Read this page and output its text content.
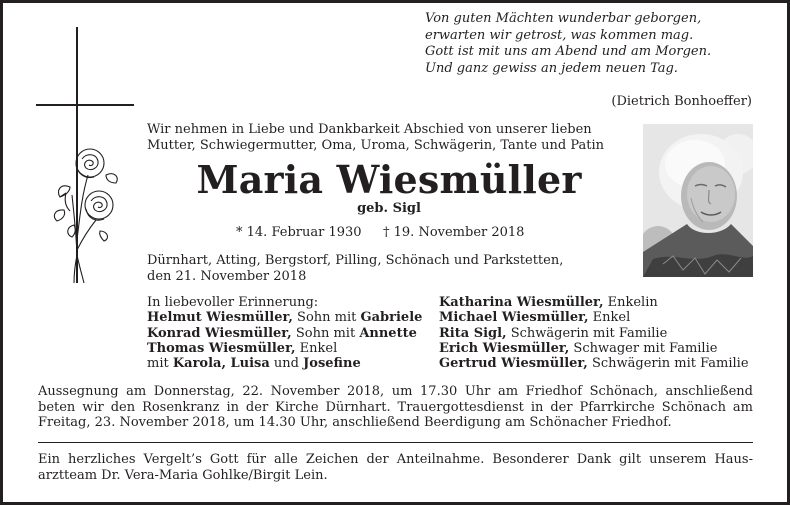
Von guten Mächten wunderbar geborgen,
erwarten wir getrost, was kommen mag.
Gott ist mit uns am Abend und am Morgen.
Und ganz gewiss an jedem neuen Tag.
(Dietrich Bonhoeffer)
Wir nehmen in Liebe und Dankbarkeit Abschied von unserer lieben
Mutter, Schwiegermutter, Oma, Uroma, Schwägerin, Tante und Patin
Maria Wiesmüller
geb. Sigl
* 14. Februar 1930 † 19. November 2018
Dürnhart, Atting, Bergstorf, Pilling, Schönach und Parkstetten,
den 21. November 2018
In liebevoller Erinnerung:
Helmut Wiesmüller, Sohn mit Gabriele
Konrad Wiesmüller, Sohn mit Annette
Thomas Wiesmüller, Enkel
mit Karola, Luisa und Josefine
Katharina Wiesmüller, Enkelin
Michael Wiesmüller, Enkel
Rita Sigl, Schwägerin mit Familie
Erich Wiesmüller, Schwager mit Familie
Gertrud Wiesmüller, Schwägerin mit Familie
Aussegnung am Donnerstag, 22. November 2018, um 17.30 Uhr am Friedhof Schönach, anschließend
beten wir den Rosenkranz in der Kirche Dürnhart. Trauergottesdienst in der Pfarrkirche Schönach am
Freitag, 23. November 2018, um 14.30 Uhr, anschließend Beerdigung am Schönacher Friedhof.
Ein herzliches Vergelt’s Gott für alle Zeichen der Anteilnahme. Besonderer Dank gilt unserem Haus-
arztteam Dr. Vera-Maria Gohlke/Birgit Lein.
